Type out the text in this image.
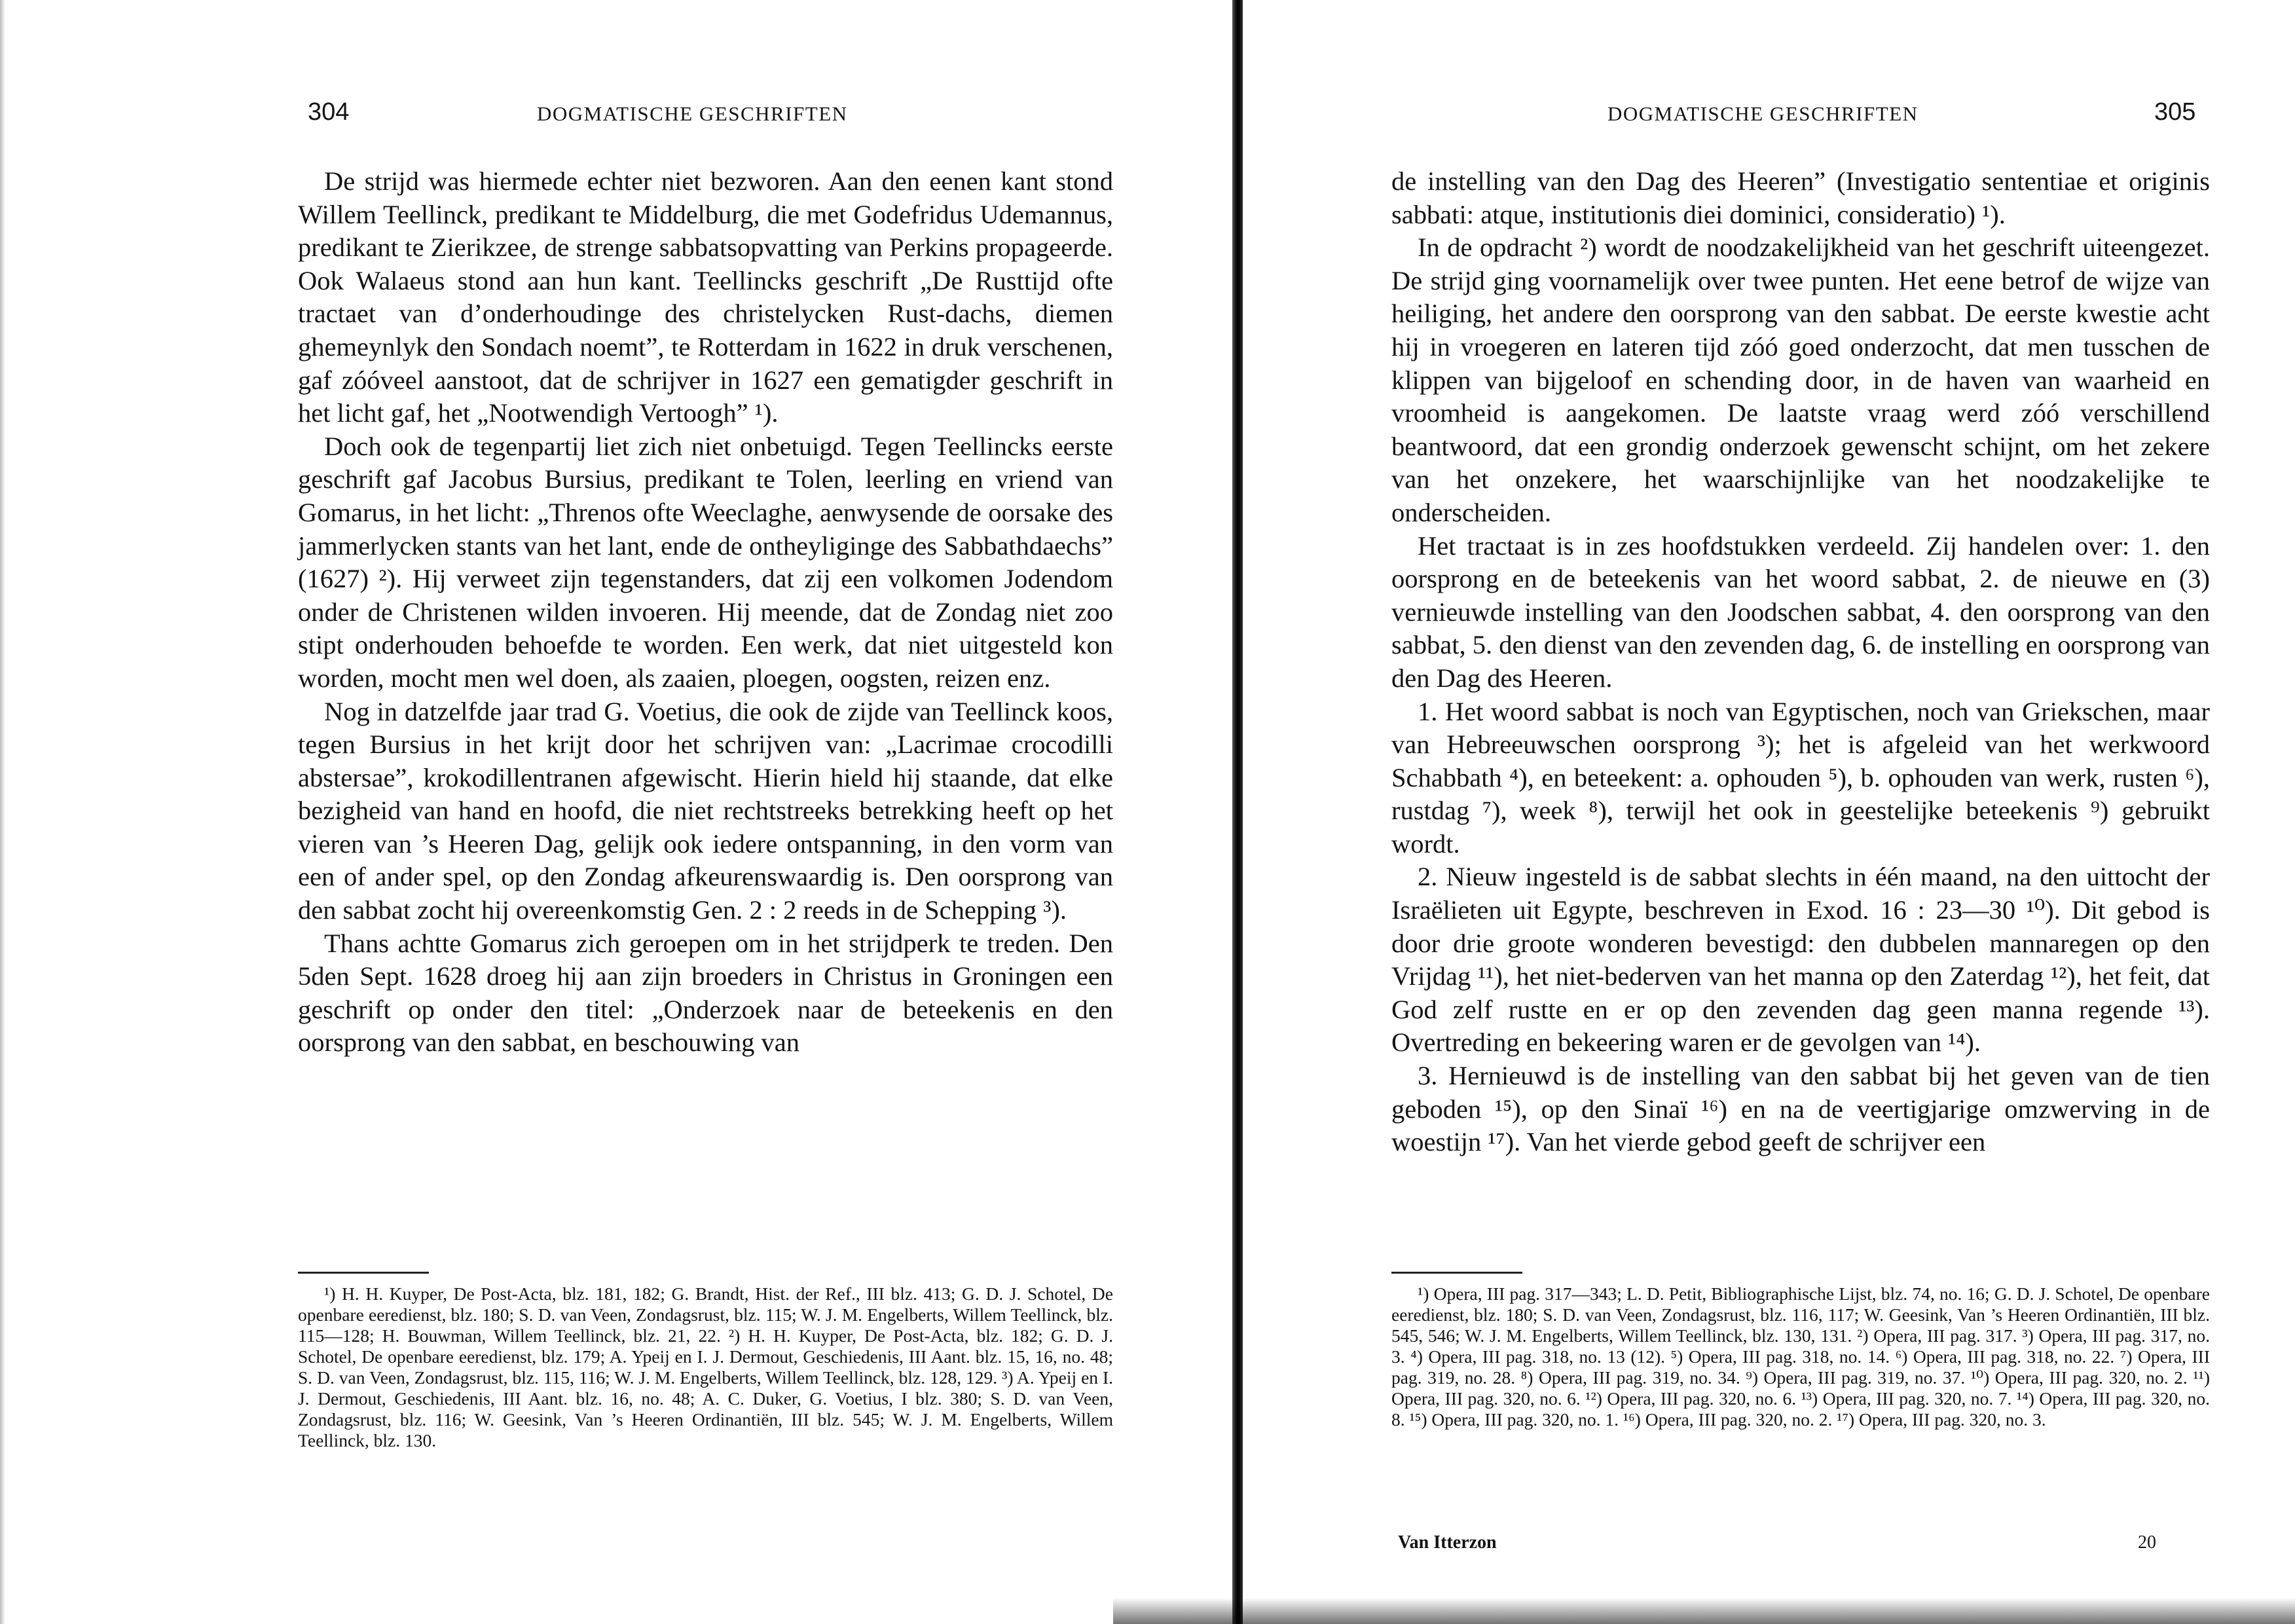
304	DOGMATISCHE GESCHRIFTEN

De strijd was hiermede echter niet bezworen. Aan den eenen kant stond Willem Teellinck, predikant te Middelburg, die met Godefridus Udemannus, predikant te Zierikzee, de strenge sabbatsopvatting van Perkins propageerde. Ook Walaeus stond aan hun kant. Teellincks geschrift „De Rusttijd ofte tractaet van d’onderhoudinge des christelycken Rust-dachs, diemen ghemeynlyk den Sondach noemt”, te Rotterdam in 1622 in druk verschenen, gaf zóóveel aanstoot, dat de schrijver in 1627 een gematigder geschrift in het licht gaf, het „Nootwendigh Vertoogh” ¹).

Doch ook de tegenpartij liet zich niet onbetuigd. Tegen Teellincks eerste geschrift gaf Jacobus Bursius, predikant te Tolen, leerling en vriend van Gomarus, in het licht: „Threnos ofte Weeclaghe, aenwysende de oorsake des jammerlycken stants van het lant, ende de ontheyliginge des Sabbathdaechs” (1627) ²). Hij verweet zijn tegenstanders, dat zij een volkomen Jodendom onder de Christenen wilden invoeren. Hij meende, dat de Zondag niet zoo stipt onderhouden behoefde te worden. Een werk, dat niet uitgesteld kon worden, mocht men wel doen, als zaaien, ploegen, oogsten, reizen enz.

Nog in datzelfde jaar trad G. Voetius, die ook de zijde van Teellinck koos, tegen Bursius in het krijt door het schrijven van: „Lacrimae crocodilli abstersae”, krokodillentranen afgewischt. Hierin hield hij staande, dat elke bezigheid van hand en hoofd, die niet rechtstreeks betrekking heeft op het vieren van ’s Heeren Dag, gelijk ook iedere ontspanning, in den vorm van een of ander spel, op den Zondag afkeurenswaardig is. Den oorsprong van den sabbat zocht hij overeenkomstig Gen. 2 : 2 reeds in de Schepping ³).

Thans achtte Gomarus zich geroepen om in het strijdperk te treden. Den 5den Sept. 1628 droeg hij aan zijn broeders in Christus in Groningen een geschrift op onder den titel: „Onderzoek naar de beteekenis en den oorsprong van den sabbat, en beschouwing van

¹) H. H. Kuyper, De Post-Acta, blz. 181, 182; G. Brandt, Hist. der Ref., III blz. 413; G. D. J. Schotel, De openbare eeredienst, blz. 180; S. D. van Veen, Zondagsrust, blz. 115; W. J. M. Engelberts, Willem Teellinck, blz. 115—128; H. Bouwman, Willem Teellinck, blz. 21, 22. ²) H. H. Kuyper, De Post-Acta, blz. 182; G. D. J. Schotel, De openbare eeredienst, blz. 179; A. Ypeij en I. J. Dermout, Geschiedenis, III Aant. blz. 15, 16, no. 48; S. D. van Veen, Zondagsrust, blz. 115, 116; W. J. M. Engelberts, Willem Teellinck, blz. 128, 129. ³) A. Ypeij en I. J. Dermout, Geschiedenis, III Aant. blz. 16, no. 48; A. C. Duker, G. Voetius, I blz. 380; S. D. van Veen, Zondagsrust, blz. 116; W. Geesink, Van ’s Heeren Ordinantiën, III blz. 545; W. J. M. Engelberts, Willem Teellinck, blz. 130.

DOGMATISCHE GESCHRIFTEN	305

de instelling van den Dag des Heeren” (Investigatio sententiae et originis sabbati: atque, institutionis diei dominici, consideratio) ¹).

In de opdracht ²) wordt de noodzakelijkheid van het geschrift uiteengezet. De strijd ging voornamelijk over twee punten. Het eene betrof de wijze van heiliging, het andere den oorsprong van den sabbat. De eerste kwestie acht hij in vroegeren en lateren tijd zóó goed onderzocht, dat men tusschen de klippen van bijgeloof en schending door, in de haven van waarheid en vroomheid is aangekomen. De laatste vraag werd zóó verschillend beantwoord, dat een grondig onderzoek gewenscht schijnt, om het zekere van het onzekere, het waarschijnlijke van het noodzakelijke te onderscheiden.

Het tractaat is in zes hoofdstukken verdeeld. Zij handelen over: 1. den oorsprong en de beteekenis van het woord sabbat, 2. de nieuwe en (3) vernieuwde instelling van den Joodschen sabbat, 4. den oorsprong van den sabbat, 5. den dienst van den zevenden dag, 6. de instelling en oorsprong van den Dag des Heeren.

1. Het woord sabbat is noch van Egyptischen, noch van Griekschen, maar van Hebreeuwschen oorsprong ³); het is afgeleid van het werkwoord Schabbath ⁴), en beteekent: a. ophouden ⁵), b. ophouden van werk, rusten ⁶), rustdag ⁷), week ⁸), terwijl het ook in geestelijke beteekenis ⁹) gebruikt wordt.

2. Nieuw ingesteld is de sabbat slechts in één maand, na den uittocht der Israëlieten uit Egypte, beschreven in Exod. 16 : 23—30 ¹⁰). Dit gebod is door drie groote wonderen bevestigd: den dubbelen mannaregen op den Vrijdag ¹¹), het niet-bederven van het manna op den Zaterdag ¹²), het feit, dat God zelf rustte en er op den zevenden dag geen manna regende ¹³). Overtreding en bekeering waren er de gevolgen van ¹⁴).

3. Hernieuwd is de instelling van den sabbat bij het geven van de tien geboden ¹⁵), op den Sinaï ¹⁶) en na de veertigjarige omzwerving in de woestijn ¹⁷). Van het vierde gebod geeft de schrijver een

¹) Opera, III pag. 317—343; L. D. Petit, Bibliographische Lijst, blz. 74, no. 16; G. D. J. Schotel, De openbare eeredienst, blz. 180; S. D. van Veen, Zondagsrust, blz. 116, 117; W. Geesink, Van ’s Heeren Ordinantiën, III blz. 545, 546; W. J. M. Engelberts, Willem Teellinck, blz. 130, 131. ²) Opera, III pag. 317. ³) Opera, III pag. 317, no. 3. ⁴) Opera, III pag. 318, no. 13 (12). ⁵) Opera, III pag. 318, no. 14. ⁶) Opera, III pag. 318, no. 22. ⁷) Opera, III pag. 319, no. 28. ⁸) Opera, III pag. 319, no. 34. ⁹) Opera, III pag. 319, no. 37. ¹⁰) Opera, III pag. 320, no. 2. ¹¹) Opera, III pag. 320, no. 6. ¹²) Opera, III pag. 320, no. 6. ¹³) Opera, III pag. 320, no. 7. ¹⁴) Opera, III pag. 320, no. 8. ¹⁵) Opera, III pag. 320, no. 1. ¹⁶) Opera, III pag. 320, no. 2. ¹⁷) Opera, III pag. 320, no. 3.

Van Itterzon	20
